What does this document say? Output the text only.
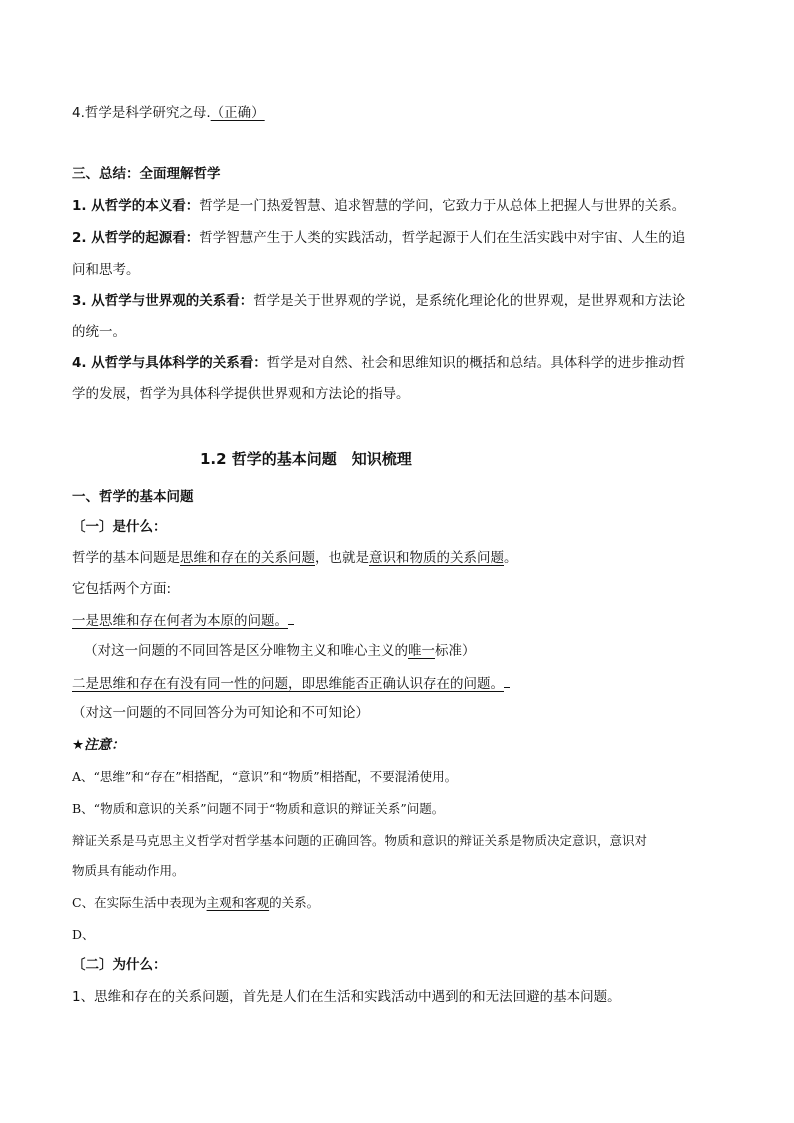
4.哲学是科学研究之母.（正确）
三、总结：全面理解哲学
1. 从哲学的本义看：哲学是一门热爱智慧、追求智慧的学问，它致力于从总体上把握人与世界的关系。
2. 从哲学的起源看：哲学智慧产生于人类的实践活动，哲学起源于人们在生活实践中对宇宙、人生的追
问和思考。
3. 从哲学与世界观的关系看：哲学是关于世界观的学说，是系统化理论化的世界观，是世界观和方法论
的统一。
4. 从哲学与具体科学的关系看：哲学是对自然、社会和思维知识的概括和总结。具体科学的进步推动哲
学的发展，哲学为具体科学提供世界观和方法论的指导。
1.2 哲学的基本问题　知识梳理
一、哲学的基本问题
〔一〕是什么：
哲学的基本问题是思维和存在的关系问题，也就是意识和物质的关系问题。
它包括两个方面:
一是思维和存在何者为本原的问题。
（对这一问题的不同回答是区分唯物主义和唯心主义的唯一标准）
二是思维和存在有没有同一性的问题，即思维能否正确认识存在的问题。
（对这一问题的不同回答分为可知论和不可知论）
★注意：
A、“思维”和“存在”相搭配，“意识”和“物质”相搭配，不要混淆使用。
B、“物质和意识的关系”问题不同于“物质和意识的辩证关系”问题。
辩证关系是马克思主义哲学对哲学基本问题的正确回答。物质和意识的辩证关系是物质决定意识，意识对
物质具有能动作用。
C、在实际生活中表现为主观和客观的关系。
D、
〔二〕为什么：
1、思维和存在的关系问题，首先是人们在生活和实践活动中遇到的和无法回避的基本问题。
